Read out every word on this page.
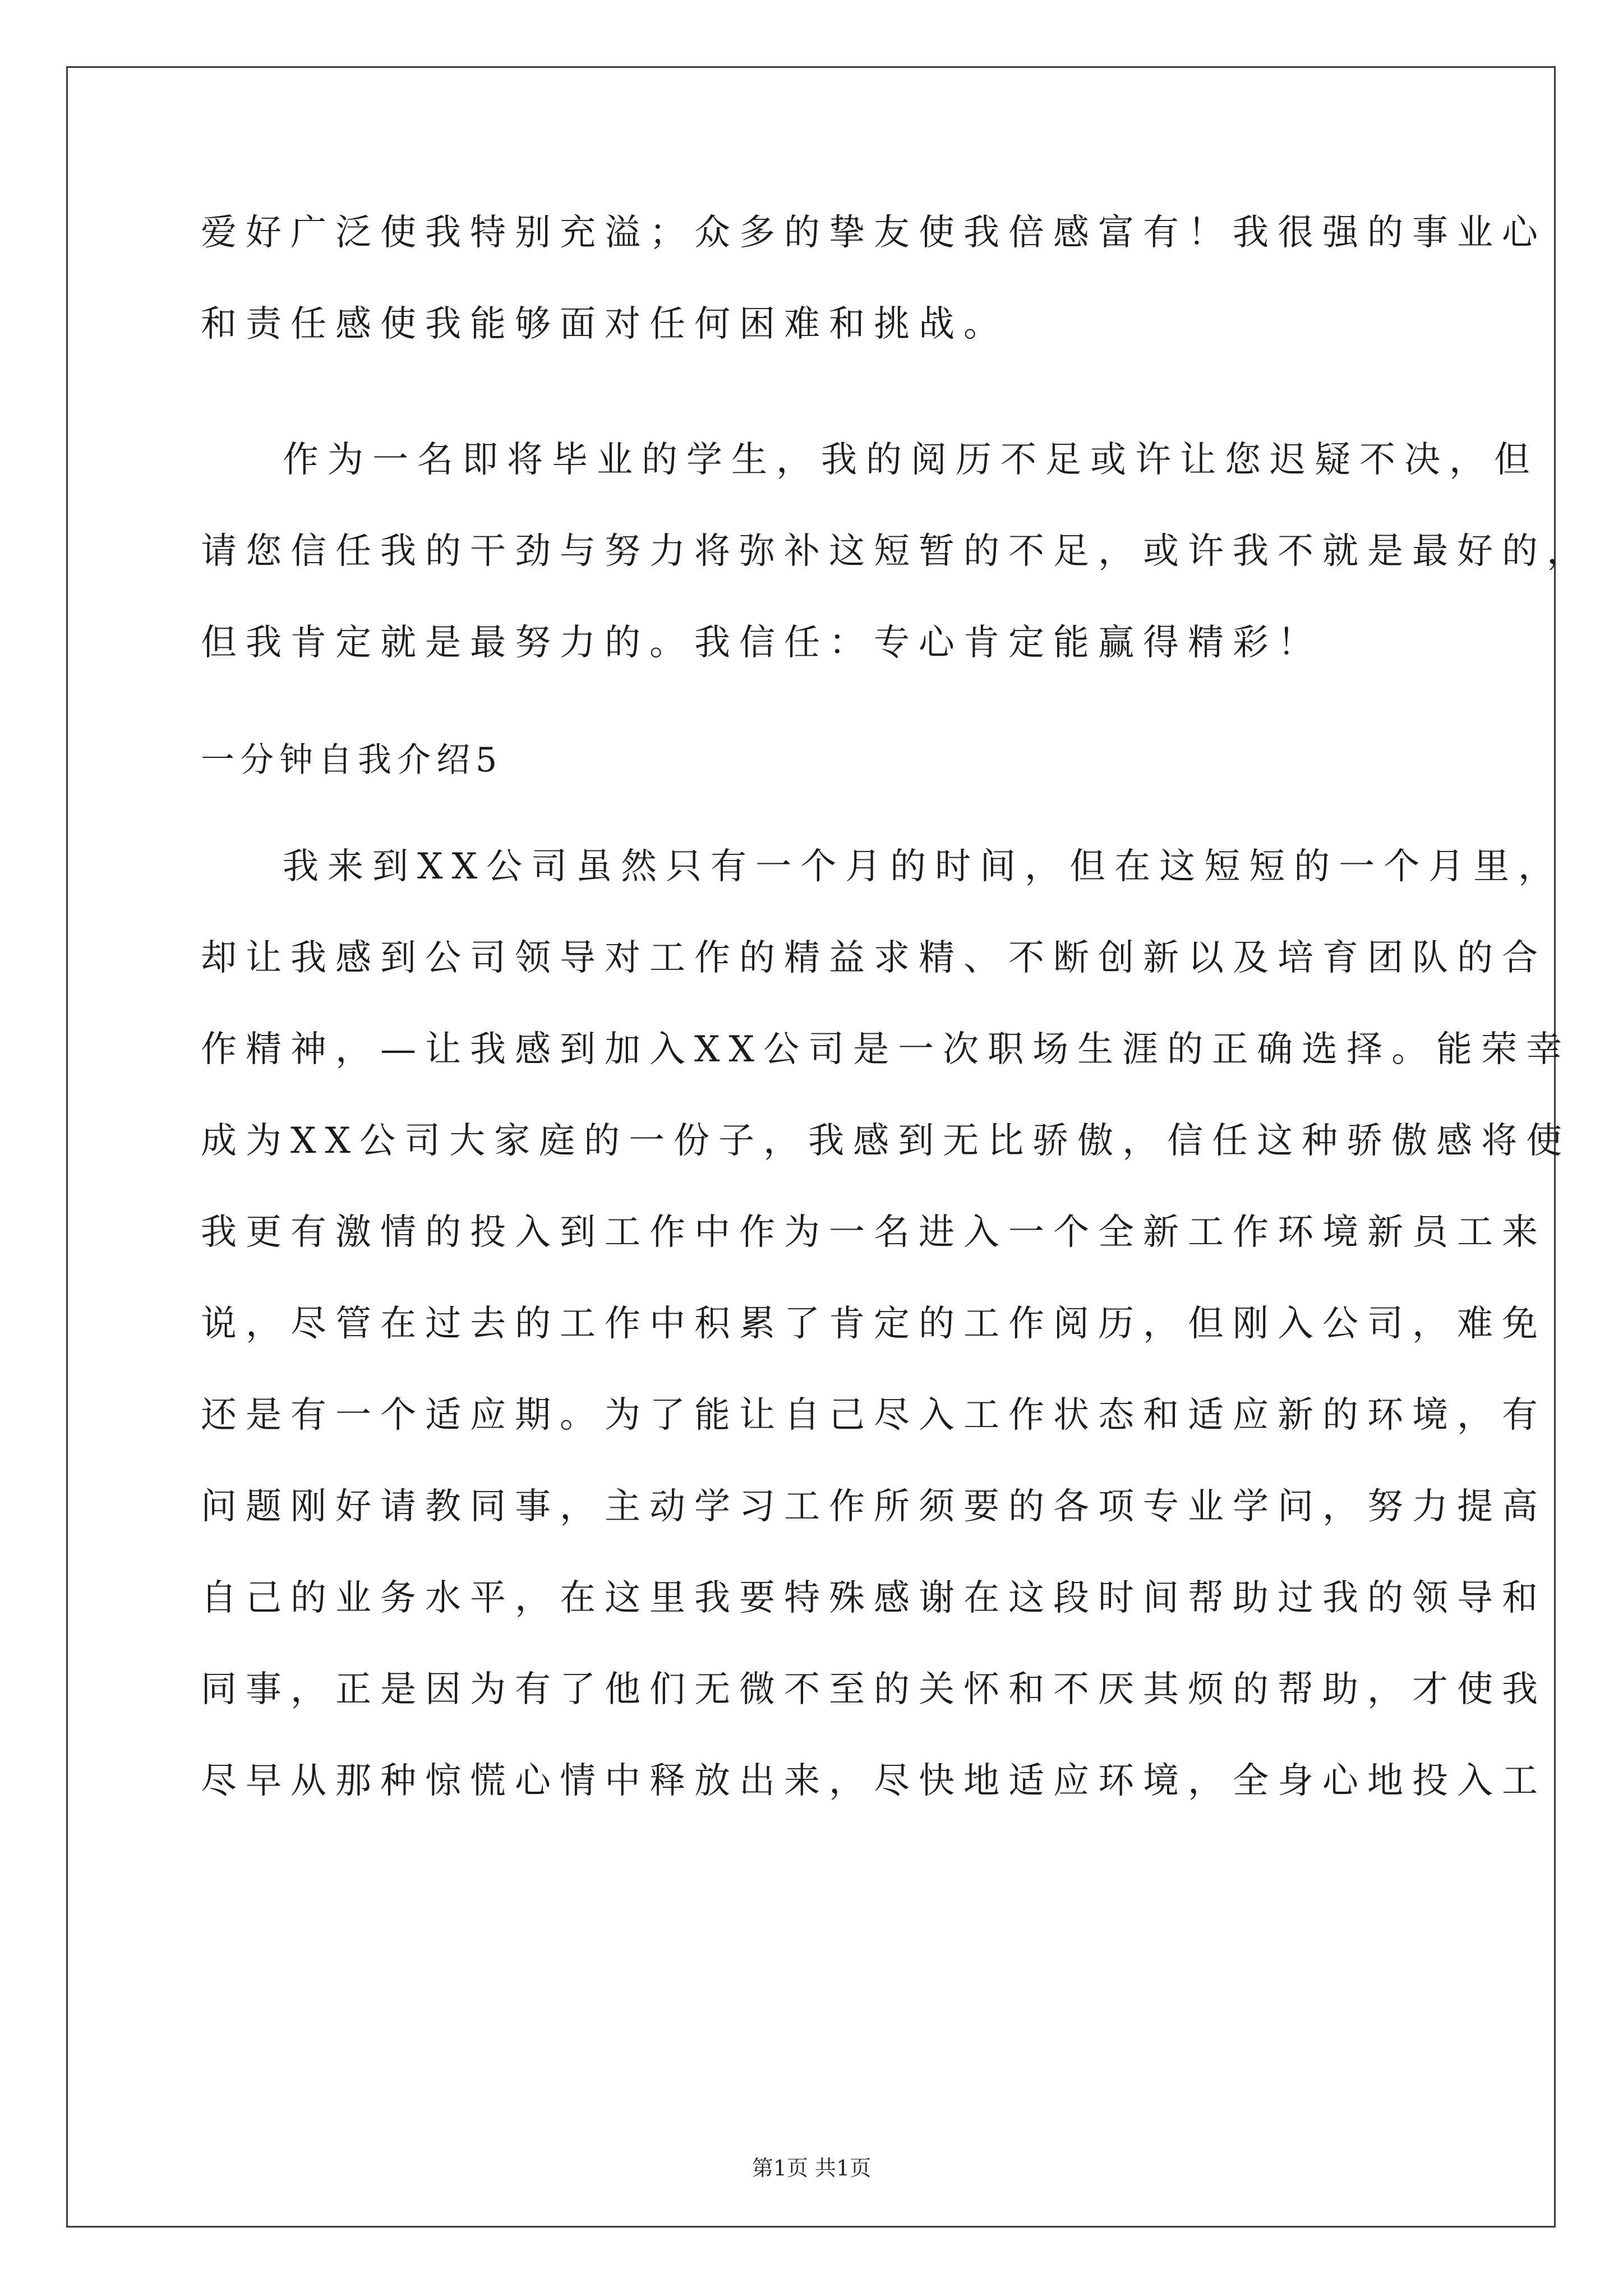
爱好广泛使我特别充溢；众多的挚友使我倍感富有！我很强的事业心
和责任感使我能够面对任何困难和挑战。
作为一名即将毕业的学生，我的阅历不足或许让您迟疑不决，但
请您信任我的干劲与努力将弥补这短暂的不足，或许我不就是最好的，
但我肯定就是最努力的。我信任：专心肯定能赢得精彩！
一分钟自我介绍5
我来到XX公司虽然只有一个月的时间，但在这短短的一个月里，
却让我感到公司领导对工作的精益求精、不断创新以及培育团队的合
作精神，—让我感到加入XX公司是一次职场生涯的正确选择。能荣幸
成为XX公司大家庭的一份子，我感到无比骄傲，信任这种骄傲感将使
我更有激情的投入到工作中作为一名进入一个全新工作环境新员工来
说，尽管在过去的工作中积累了肯定的工作阅历，但刚入公司，难免
还是有一个适应期。为了能让自己尽入工作状态和适应新的环境，有
问题刚好请教同事，主动学习工作所须要的各项专业学问，努力提高
自己的业务水平，在这里我要特殊感谢在这段时间帮助过我的领导和
同事，正是因为有了他们无微不至的关怀和不厌其烦的帮助，才使我
尽早从那种惊慌心情中释放出来，尽快地适应环境，全身心地投入工
第1页 共1页
